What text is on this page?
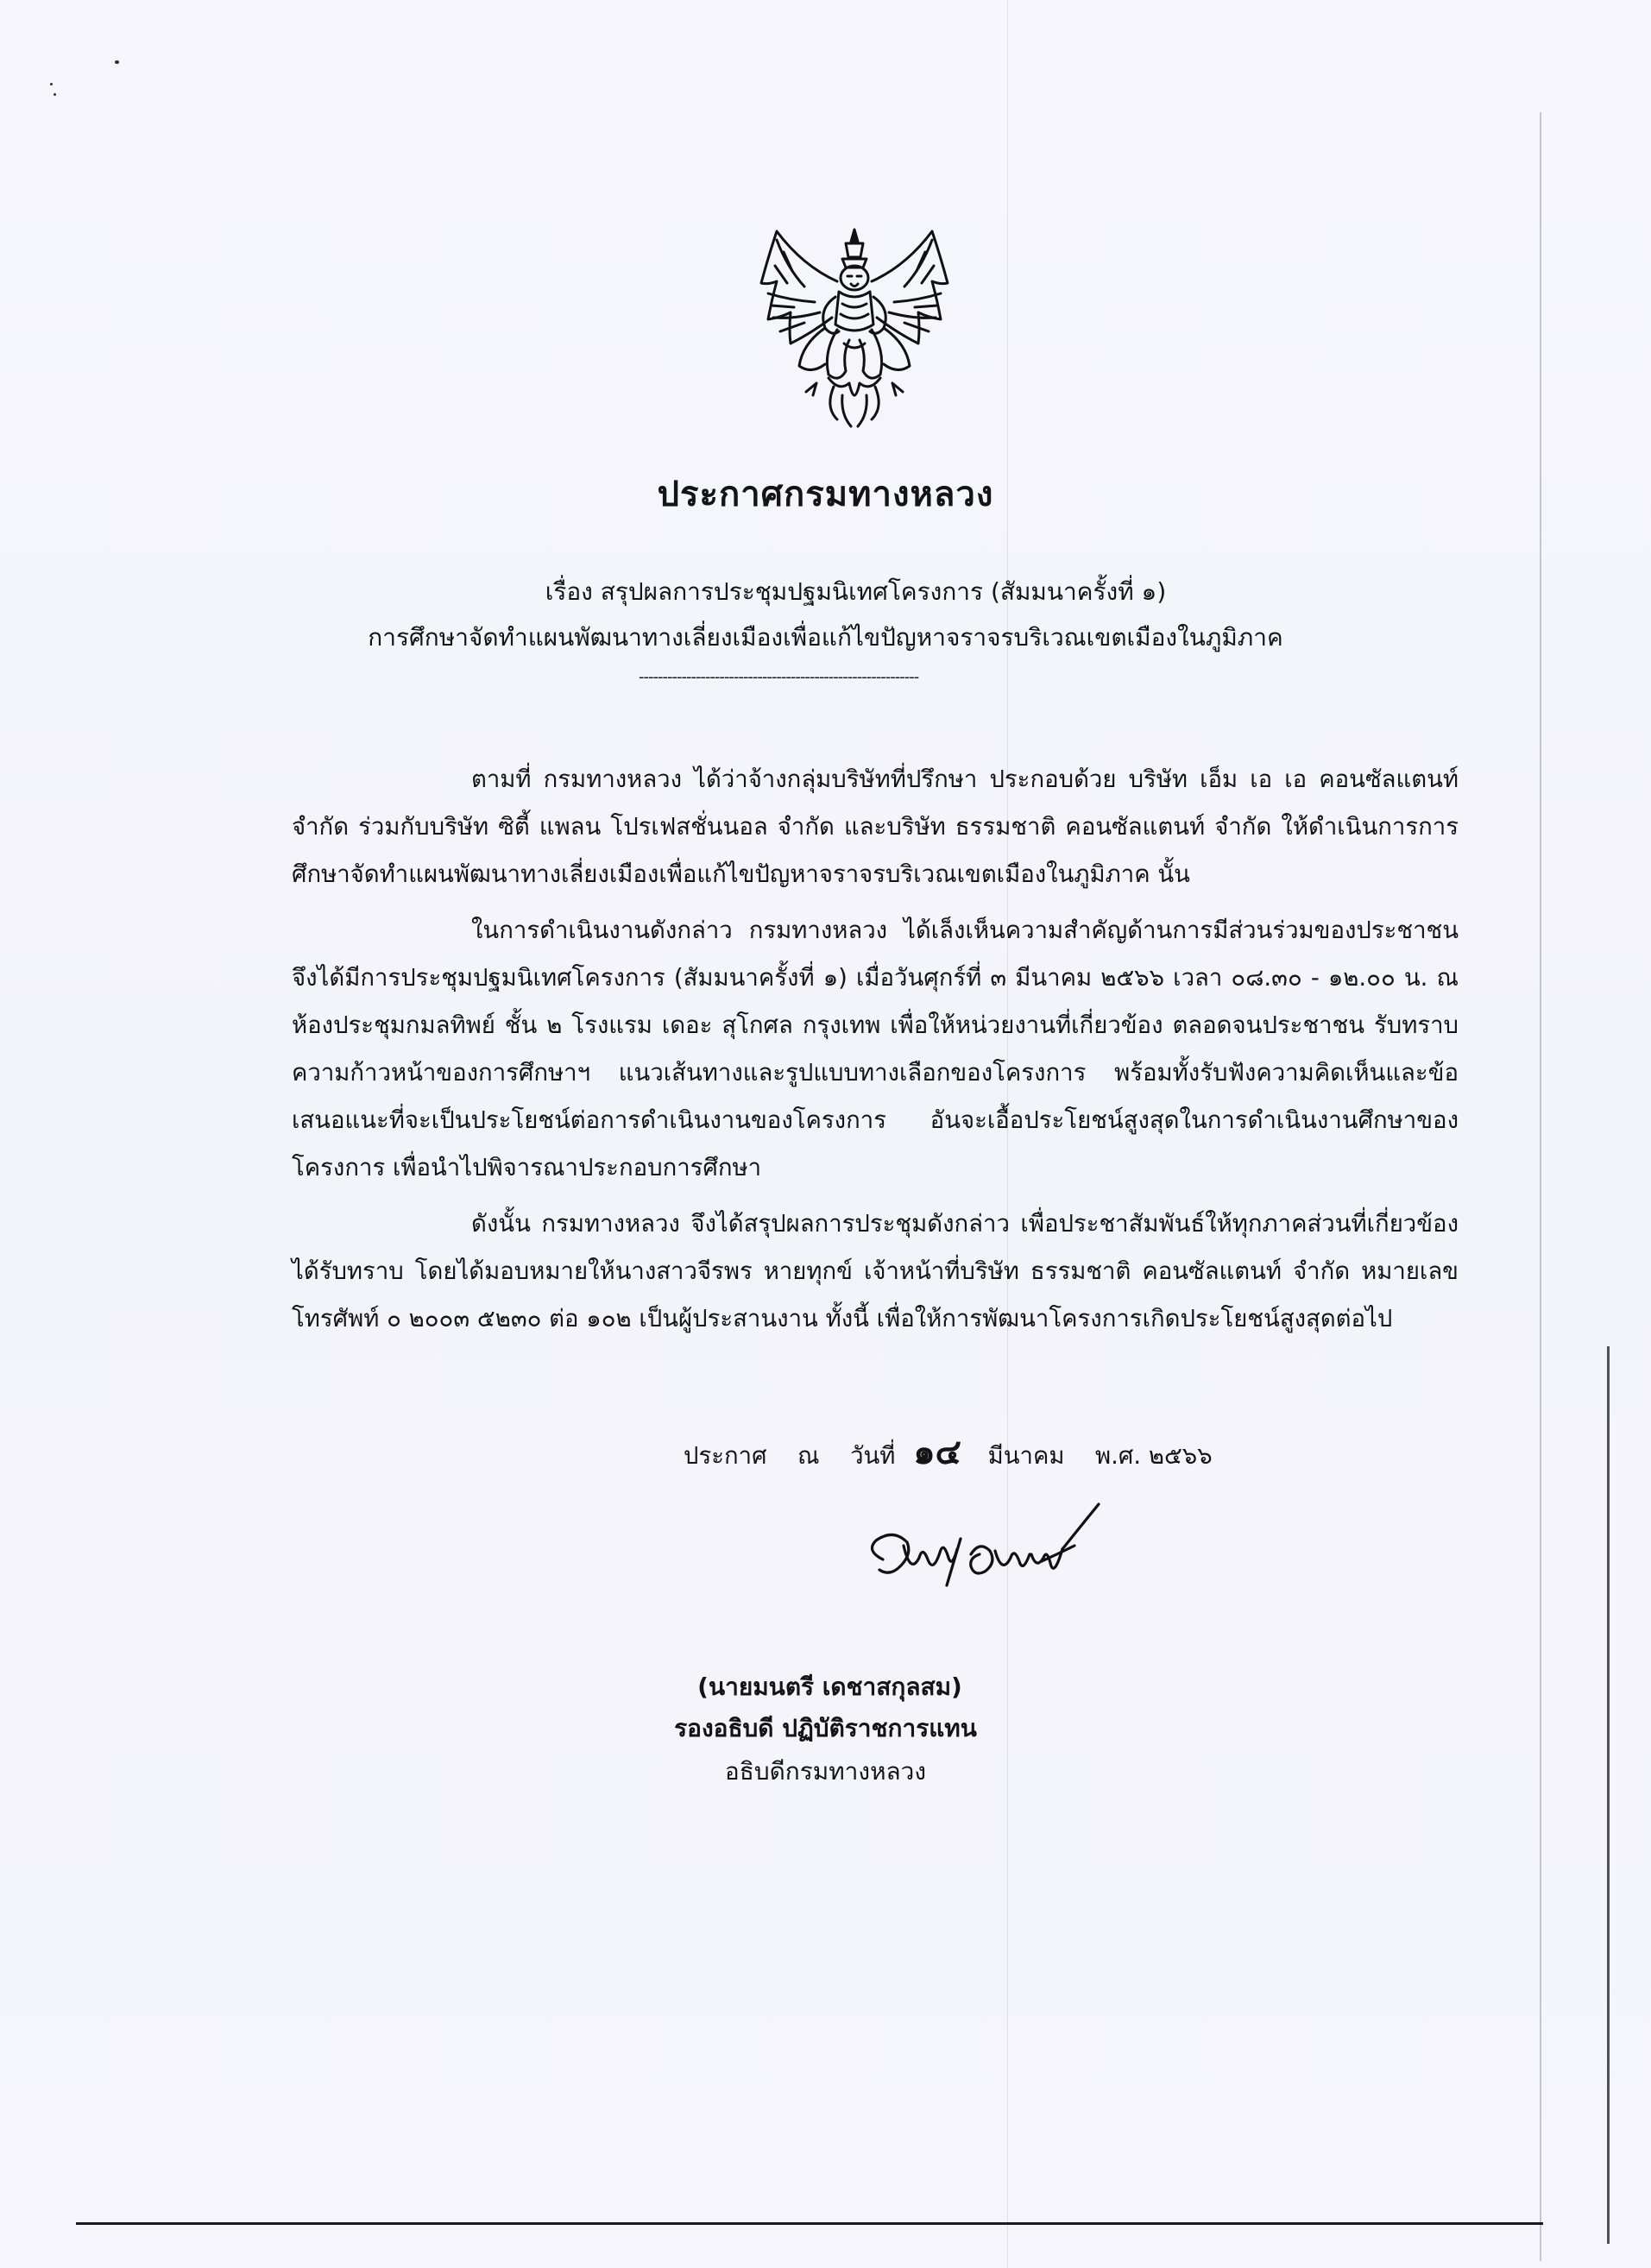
ประกาศกรมทางหลวง
เรื่อง สรุปผลการประชุมปฐมนิเทศโครงการ (สัมมนาครั้งที่ ๑)
การศึกษาจัดทำแผนพัฒนาทางเลี่ยงเมืองเพื่อแก้ไขปัญหาจราจรบริเวณเขตเมืองในภูมิภาค
-----------------------------------------------------------

ตามที่ กรมทางหลวง ได้ว่าจ้างกลุ่มบริษัทที่ปรึกษา ประกอบด้วย บริษัท เอ็ม เอ เอ คอนซัลแตนท์ จำกัด ร่วมกับบริษัท ซิตี้ แพลน โปรเฟสชั่นนอล จำกัด และบริษัท ธรรมชาติ คอนซัลแตนท์ จำกัด ให้ดำเนินการการศึกษาจัดทำแผนพัฒนาทางเลี่ยงเมืองเพื่อแก้ไขปัญหาจราจรบริเวณเขตเมืองในภูมิภาค นั้น

ในการดำเนินงานดังกล่าว กรมทางหลวง ได้เล็งเห็นความสำคัญด้านการมีส่วนร่วมของประชาชน จึงได้มีการประชุมปฐมนิเทศโครงการ (สัมมนาครั้งที่ ๑) เมื่อวันศุกร์ที่ ๓ มีนาคม ๒๕๖๖ เวลา ๐๘.๓๐ - ๑๒.๐๐ น. ณ ห้องประชุมกมลทิพย์ ชั้น ๒ โรงแรม เดอะ สุโกศล กรุงเทพ เพื่อให้หน่วยงานที่เกี่ยวข้อง ตลอดจนประชาชน รับทราบความก้าวหน้าของการศึกษาฯ แนวเส้นทางและรูปแบบทางเลือกของโครงการ พร้อมทั้งรับฟังความคิดเห็นและข้อเสนอแนะที่จะเป็นประโยชน์ต่อการดำเนินงานของโครงการ อันจะเอื้อประโยชน์สูงสุดในการดำเนินงานศึกษาของโครงการ เพื่อนำไปพิจารณาประกอบการศึกษา

ดังนั้น กรมทางหลวง จึงได้สรุปผลการประชุมดังกล่าว เพื่อประชาสัมพันธ์ให้ทุกภาคส่วนที่เกี่ยวข้องได้รับทราบ โดยได้มอบหมายให้นางสาวจีรพร หายทุกข์ เจ้าหน้าที่บริษัท ธรรมชาติ คอนซัลแตนท์ จำกัด หมายเลขโทรศัพท์ ๐ ๒๐๐๓ ๕๒๓๐ ต่อ ๑๐๒ เป็นผู้ประสานงาน ทั้งนี้ เพื่อให้การพัฒนาโครงการเกิดประโยชน์สูงสุดต่อไป

ประกาศ ณ วันที่ ๑๔ มีนาคม พ.ศ. ๒๕๖๖
(นายมนตรี เดชาสกุลสม)
รองอธิบดี ปฏิบัติราชการแทน
อธิบดีกรมทางหลวง
